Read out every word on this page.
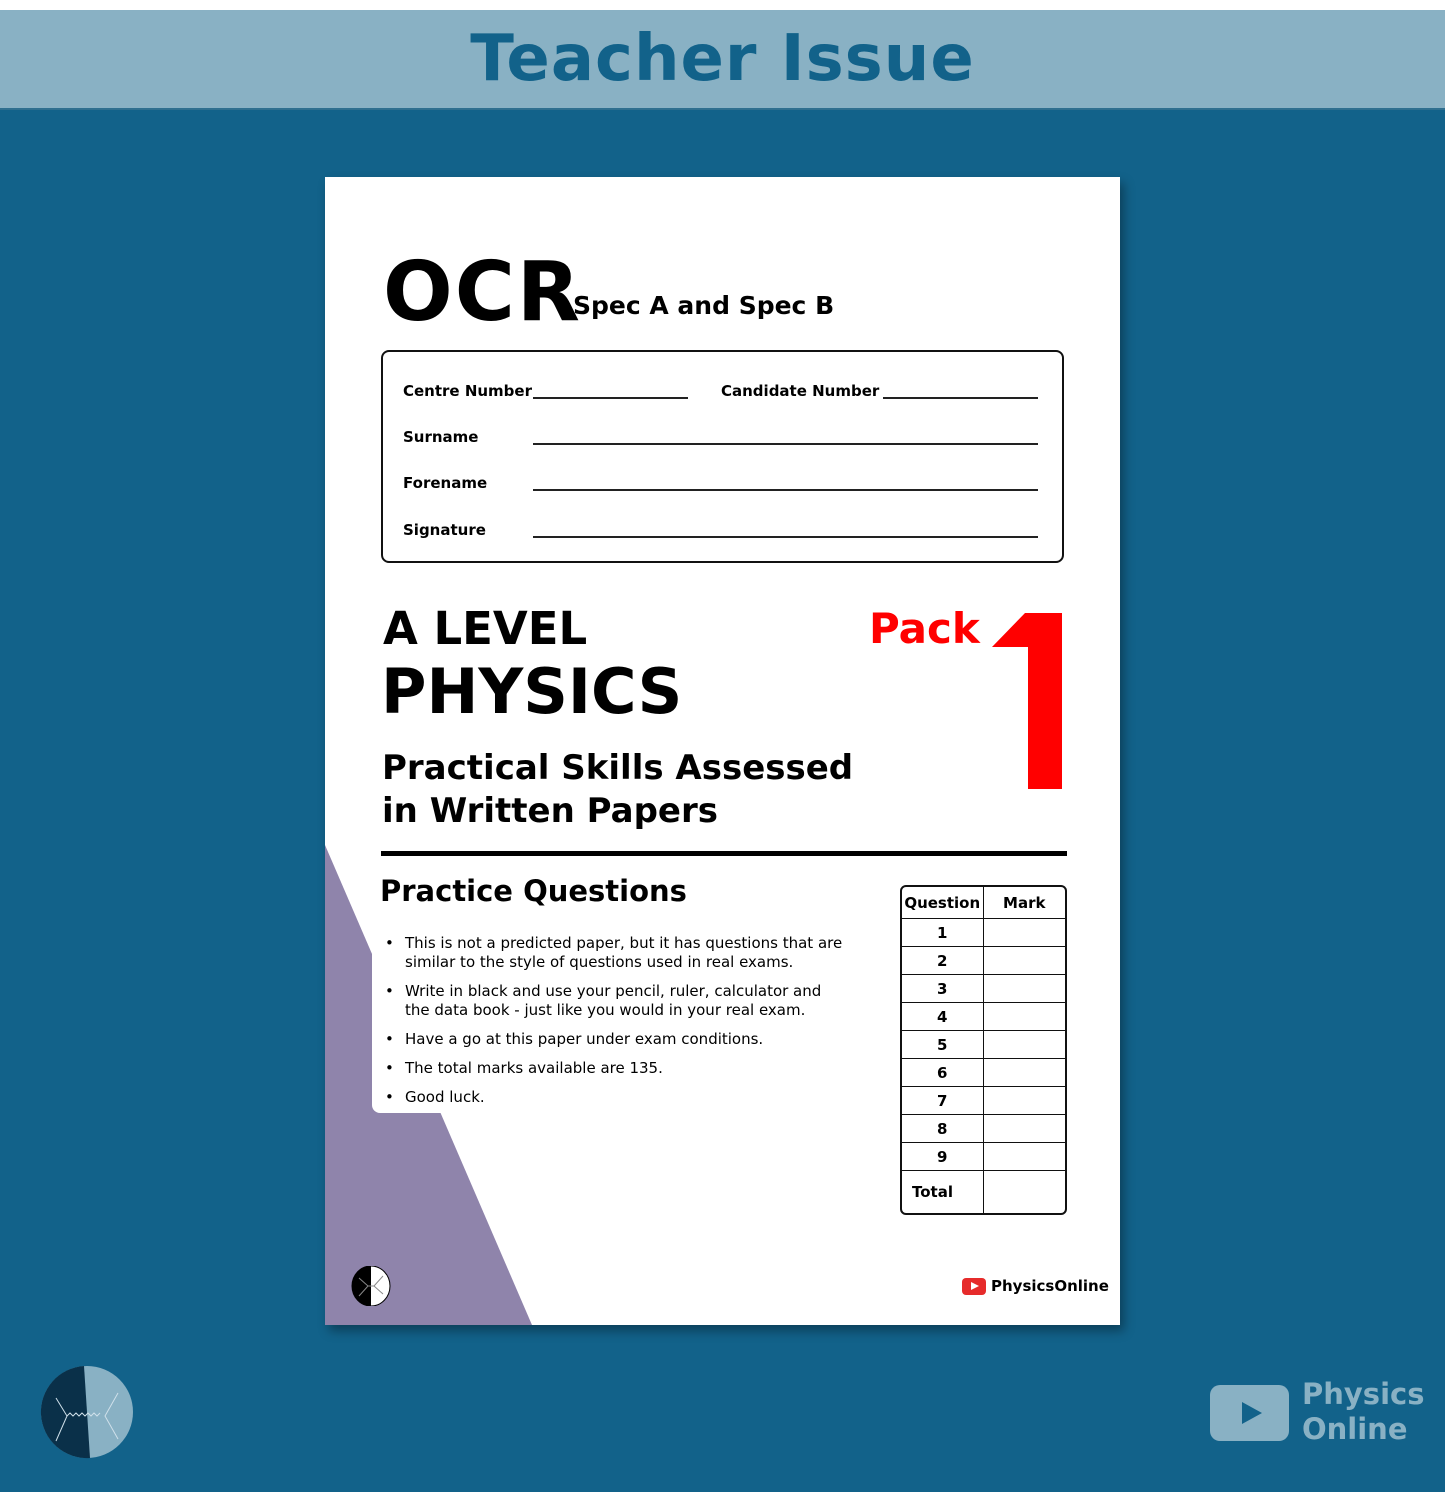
Teacher Issue
OCR
Spec A and Spec B
Centre Number	Candidate Number
Surname
Forename
Signature
A LEVEL
PHYSICS
Pack
Practical Skills Assessed
in Written Papers
Practice Questions
• This is not a predicted paper, but it has questions that are similar to the style of questions used in real exams.
• Write in black and use your pencil, ruler, calculator and the data book - just like you would in your real exam.
• Have a go at this paper under exam conditions.
• The total marks available are 135.
• Good luck.
Question	Mark
1	
2	
3	
4	
5	
6	
7	
8	
9	
Total	
PhysicsOnline
Physics
Online
